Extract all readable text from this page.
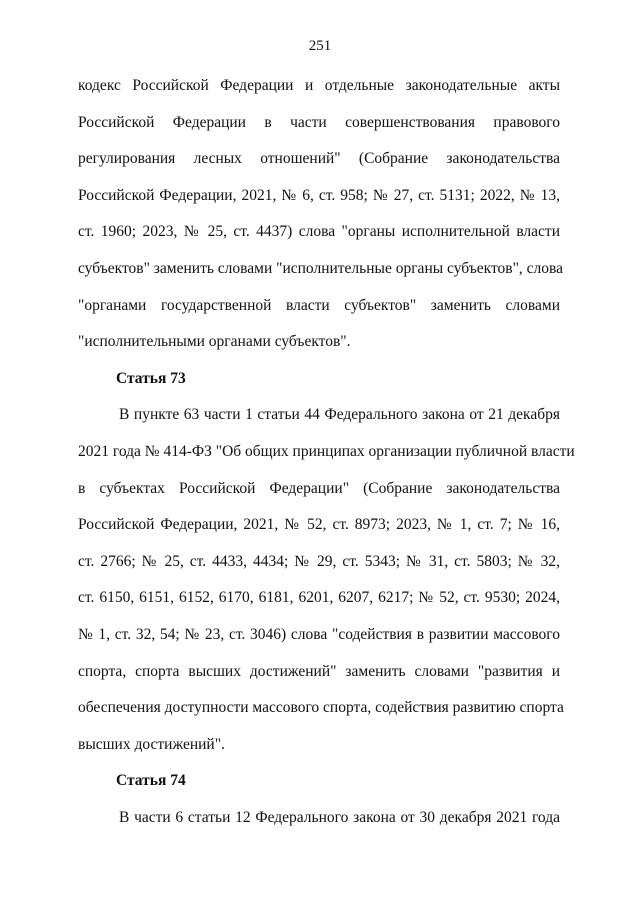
251
кодекс Российской Федерации и отдельные законодательные акты
Российской Федерации в части совершенствования правового
регулирования лесных отношений" (Собрание законодательства
Российской Федерации, 2021, № 6, ст. 958; № 27, ст. 5131; 2022, № 13,
ст. 1960; 2023, № 25, ст. 4437) слова "органы исполнительной власти
субъектов" заменить словами "исполнительные органы субъектов", слова
"органами государственной власти субъектов" заменить словами
"исполнительными органами субъектов".
Статья 73
В пункте 63 части 1 статьи 44 Федерального закона от 21 декабря
2021 года № 414-ФЗ "Об общих принципах организации публичной власти
в субъектах Российской Федерации" (Собрание законодательства
Российской Федерации, 2021, № 52, ст. 8973; 2023, № 1, ст. 7; № 16,
ст. 2766; № 25, ст. 4433, 4434; № 29, ст. 5343; № 31, ст. 5803; № 32,
ст. 6150, 6151, 6152, 6170, 6181, 6201, 6207, 6217; № 52, ст. 9530; 2024,
№ 1, ст. 32, 54; № 23, ст. 3046) слова "содействия в развитии массового
спорта, спорта высших достижений" заменить словами "развития и
обеспечения доступности массового спорта, содействия развитию спорта
высших достижений".
Статья 74
В части 6 статьи 12 Федерального закона от 30 декабря 2021 года
